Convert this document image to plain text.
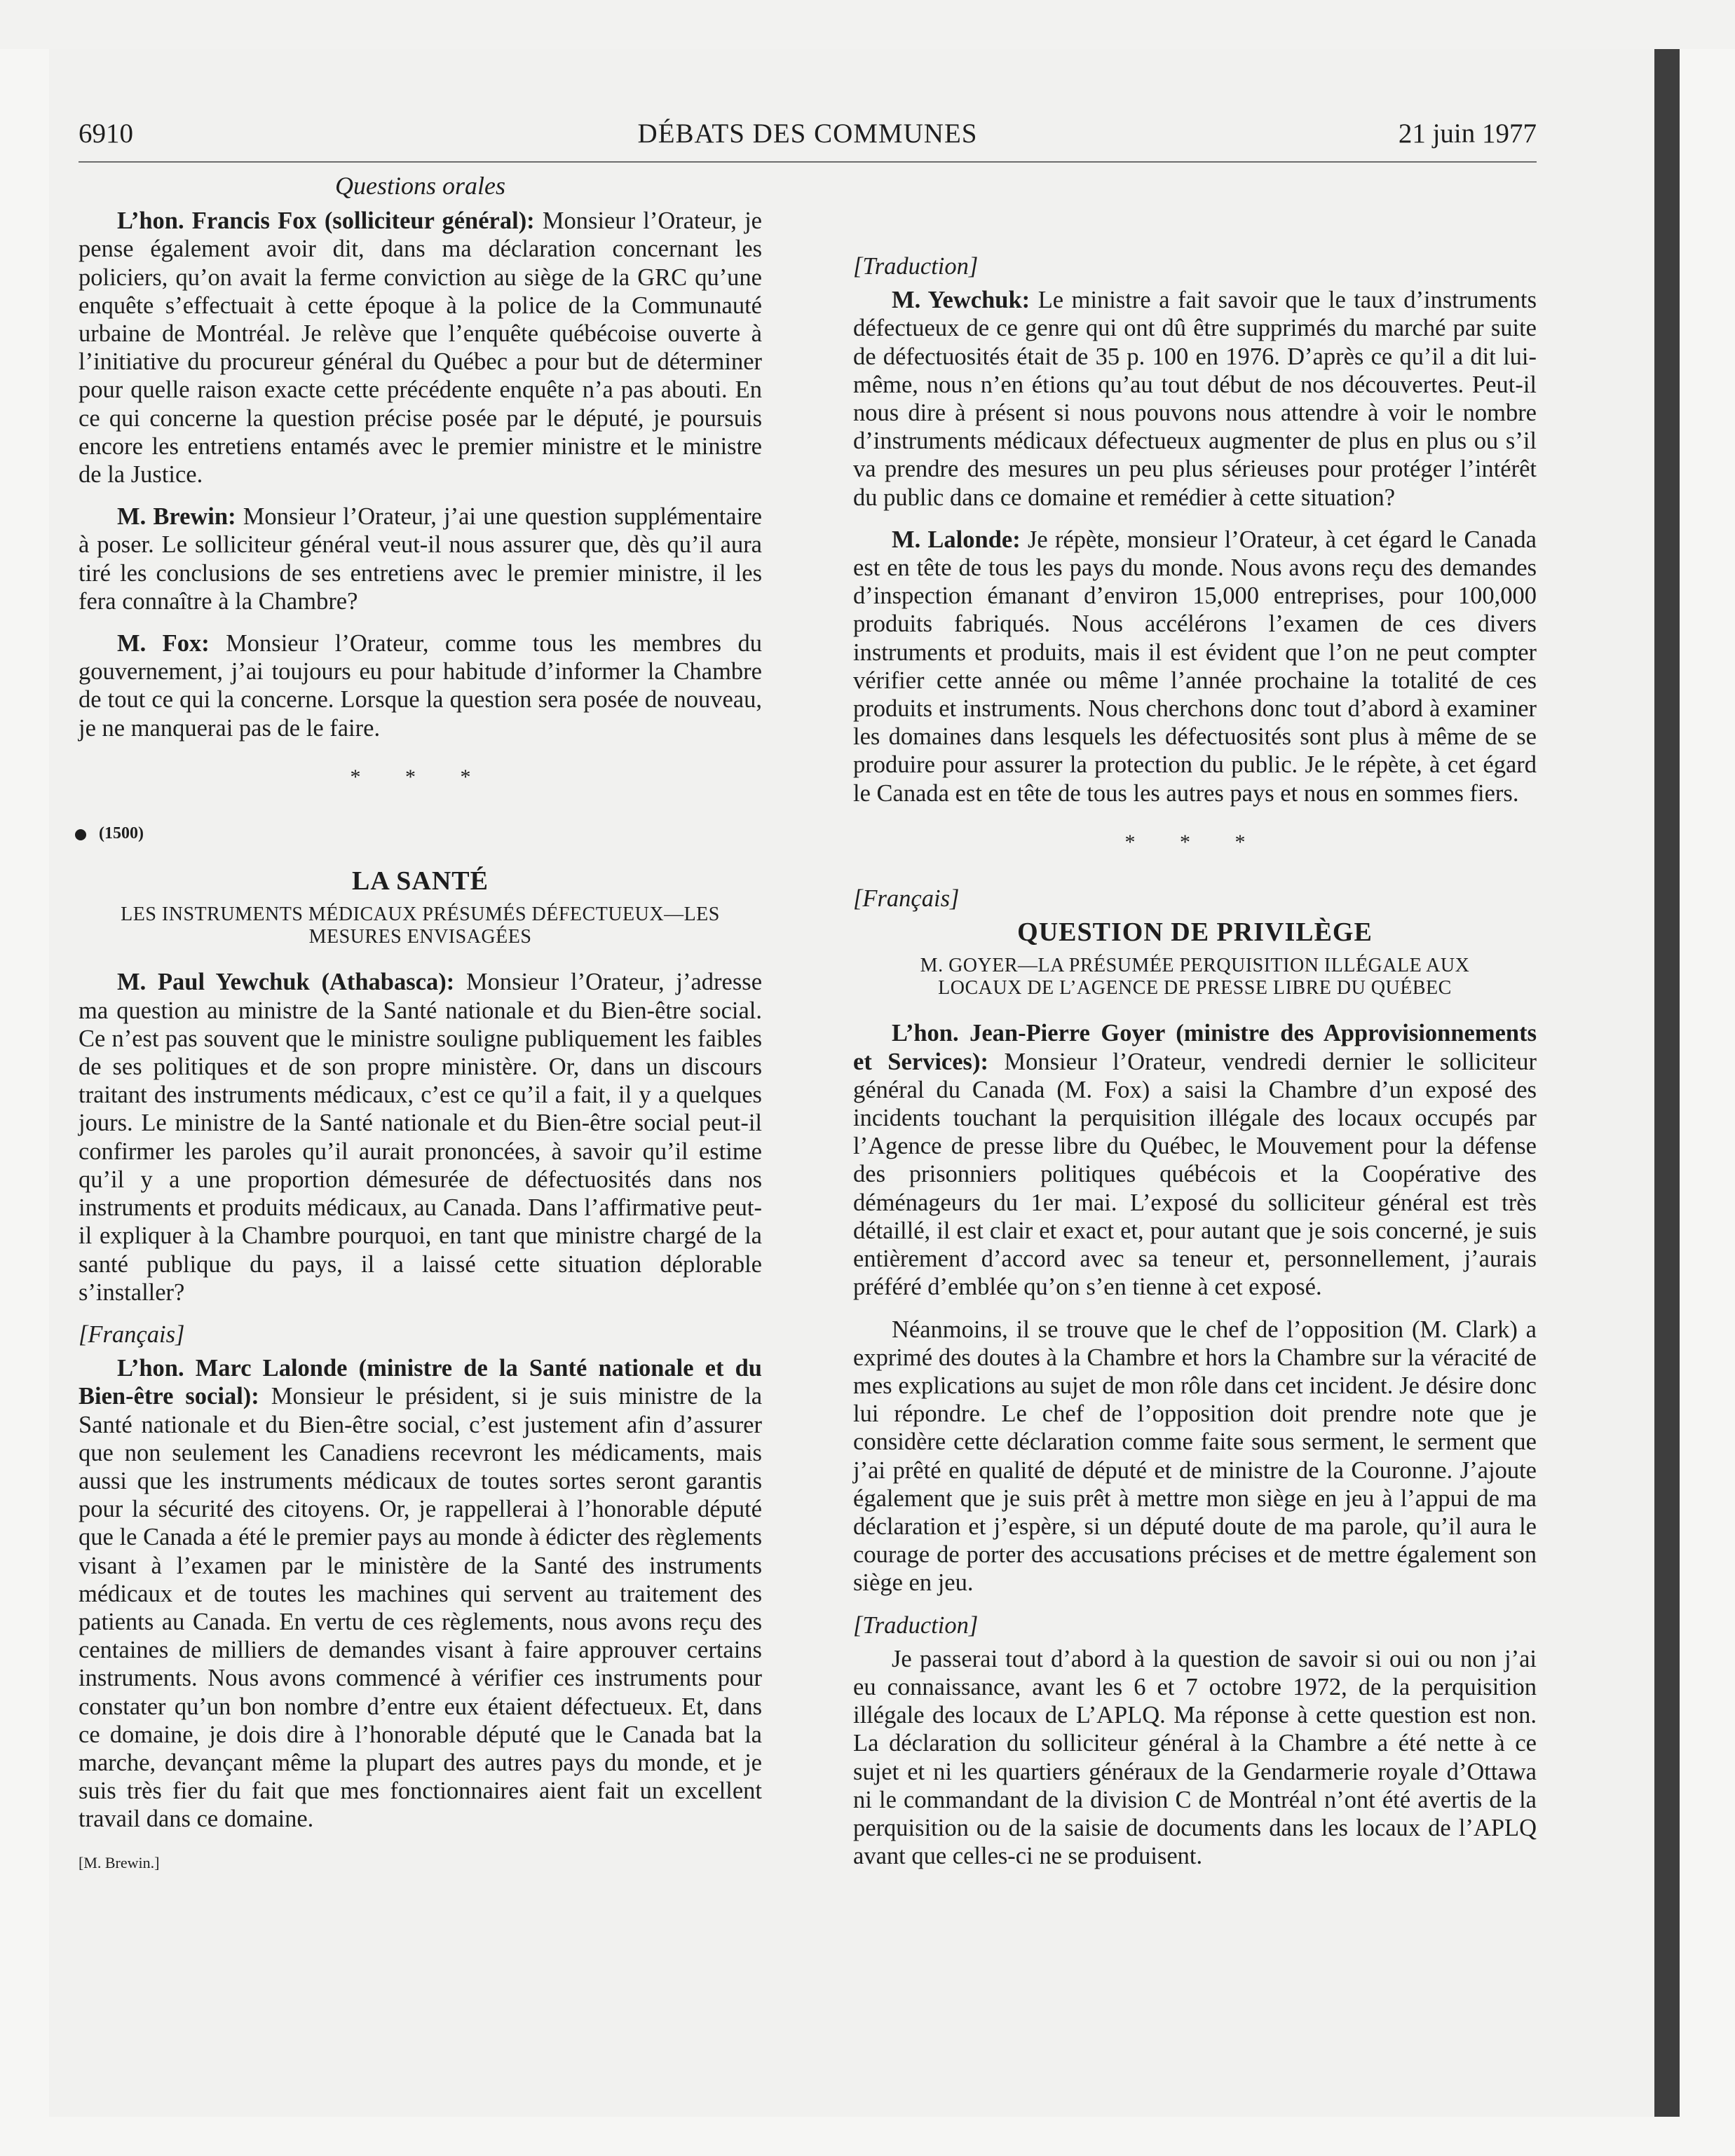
6910	DÉBATS DES COMMUNES	21 juin 1977
Questions orales

L’hon. Francis Fox (solliciteur général): Monsieur l’Orateur, je pense également avoir dit, dans ma déclaration concernant les policiers, qu’on avait la ferme conviction au siège de la GRC qu’une enquête s’effectuait à cette époque à la police de la Communauté urbaine de Montréal. Je relève que l’enquête québécoise ouverte à l’initiative du procureur général du Québec a pour but de déterminer pour quelle raison exacte cette précédente enquête n’a pas abouti. En ce qui concerne la question précise posée par le député, je poursuis encore les entretiens entamés avec le premier ministre et le ministre de la Justice.

M. Brewin: Monsieur l’Orateur, j’ai une question supplémentaire à poser. Le solliciteur général veut-il nous assurer que, dès qu’il aura tiré les conclusions de ses entretiens avec le premier ministre, il les fera connaître à la Chambre?

M. Fox: Monsieur l’Orateur, comme tous les membres du gouvernement, j’ai toujours eu pour habitude d’informer la Chambre de tout ce qui la concerne. Lorsque la question sera posée de nouveau, je ne manquerai pas de le faire.

* * *
(1500)
LA SANTÉ
LES INSTRUMENTS MÉDICAUX PRÉSUMÉS DÉFECTUEUX—LES
MESURES ENVISAGÉES

M. Paul Yewchuk (Athabasca): Monsieur l’Orateur, j’adresse ma question au ministre de la Santé nationale et du Bien-être social. Ce n’est pas souvent que le ministre souligne publiquement les faibles de ses politiques et de son propre ministère. Or, dans un discours traitant des instruments médicaux, c’est ce qu’il a fait, il y a quelques jours. Le ministre de la Santé nationale et du Bien-être social peut-il confirmer les paroles qu’il aurait prononcées, à savoir qu’il estime qu’il y a une proportion démesurée de défectuosités dans nos instruments et produits médicaux, au Canada. Dans l’affirmative peut-il expliquer à la Chambre pourquoi, en tant que ministre chargé de la santé publique du pays, il a laissé cette situation déplorable s’installer?

[Français]

L’hon. Marc Lalonde (ministre de la Santé nationale et du Bien-être social): Monsieur le président, si je suis ministre de la Santé nationale et du Bien-être social, c’est justement afin d’assurer que non seulement les Canadiens recevront les médicaments, mais aussi que les instruments médicaux de toutes sortes seront garantis pour la sécurité des citoyens. Or, je rappellerai à l’honorable député que le Canada a été le premier pays au monde à édicter des règlements visant à l’examen par le ministère de la Santé des instruments médicaux et de toutes les machines qui servent au traitement des patients au Canada. En vertu de ces règlements, nous avons reçu des centaines de milliers de demandes visant à faire approuver certains instruments. Nous avons commencé à vérifier ces instruments pour constater qu’un bon nombre d’entre eux étaient défectueux. Et, dans ce domaine, je dois dire à l’honorable député que le Canada bat la marche, devançant même la plupart des autres pays du monde, et je suis très fier du fait que mes fonctionnaires aient fait un excellent travail dans ce domaine.

[M. Brewin.]

[Traduction]

M. Yewchuk: Le ministre a fait savoir que le taux d’instruments défectueux de ce genre qui ont dû être supprimés du marché par suite de défectuosités était de 35 p. 100 en 1976. D’après ce qu’il a dit lui-même, nous n’en étions qu’au tout début de nos découvertes. Peut-il nous dire à présent si nous pouvons nous attendre à voir le nombre d’instruments médicaux défectueux augmenter de plus en plus ou s’il va prendre des mesures un peu plus sérieuses pour protéger l’intérêt du public dans ce domaine et remédier à cette situation?

M. Lalonde: Je répète, monsieur l’Orateur, à cet égard le Canada est en tête de tous les pays du monde. Nous avons reçu des demandes d’inspection émanant d’environ 15,000 entreprises, pour 100,000 produits fabriqués. Nous accélérons l’examen de ces divers instruments et produits, mais il est évident que l’on ne peut compter vérifier cette année ou même l’année prochaine la totalité de ces produits et instruments. Nous cherchons donc tout d’abord à examiner les domaines dans lesquels les défectuosités sont plus à même de se produire pour assurer la protection du public. Je le répète, à cet égard le Canada est en tête de tous les autres pays et nous en sommes fiers.

* * *

[Français]

QUESTION DE PRIVILÈGE
M. GOYER—LA PRÉSUMÉE PERQUISITION ILLÉGALE AUX
LOCAUX DE L’AGENCE DE PRESSE LIBRE DU QUÉBEC

L’hon. Jean-Pierre Goyer (ministre des Approvisionnements et Services): Monsieur l’Orateur, vendredi dernier le solliciteur général du Canada (M. Fox) a saisi la Chambre d’un exposé des incidents touchant la perquisition illégale des locaux occupés par l’Agence de presse libre du Québec, le Mouvement pour la défense des prisonniers politiques québécois et la Coopérative des déménageurs du 1er mai. L’exposé du solliciteur général est très détaillé, il est clair et exact et, pour autant que je sois concerné, je suis entièrement d’accord avec sa teneur et, personnellement, j’aurais préféré d’emblée qu’on s’en tienne à cet exposé.

Néanmoins, il se trouve que le chef de l’opposition (M. Clark) a exprimé des doutes à la Chambre et hors la Chambre sur la véracité de mes explications au sujet de mon rôle dans cet incident. Je désire donc lui répondre. Le chef de l’opposition doit prendre note que je considère cette déclaration comme faite sous serment, le serment que j’ai prêté en qualité de député et de ministre de la Couronne. J’ajoute également que je suis prêt à mettre mon siège en jeu à l’appui de ma déclaration et j’espère, si un député doute de ma parole, qu’il aura le courage de porter des accusations précises et de mettre également son siège en jeu.

[Traduction]

Je passerai tout d’abord à la question de savoir si oui ou non j’ai eu connaissance, avant les 6 et 7 octobre 1972, de la perquisition illégale des locaux de L’APLQ. Ma réponse à cette question est non. La déclaration du solliciteur général à la Chambre a été nette à ce sujet et ni les quartiers généraux de la Gendarmerie royale d’Ottawa ni le commandant de la division C de Montréal n’ont été avertis de la perquisition ou de la saisie de documents dans les locaux de l’APLQ avant que celles-ci ne se produisent.
